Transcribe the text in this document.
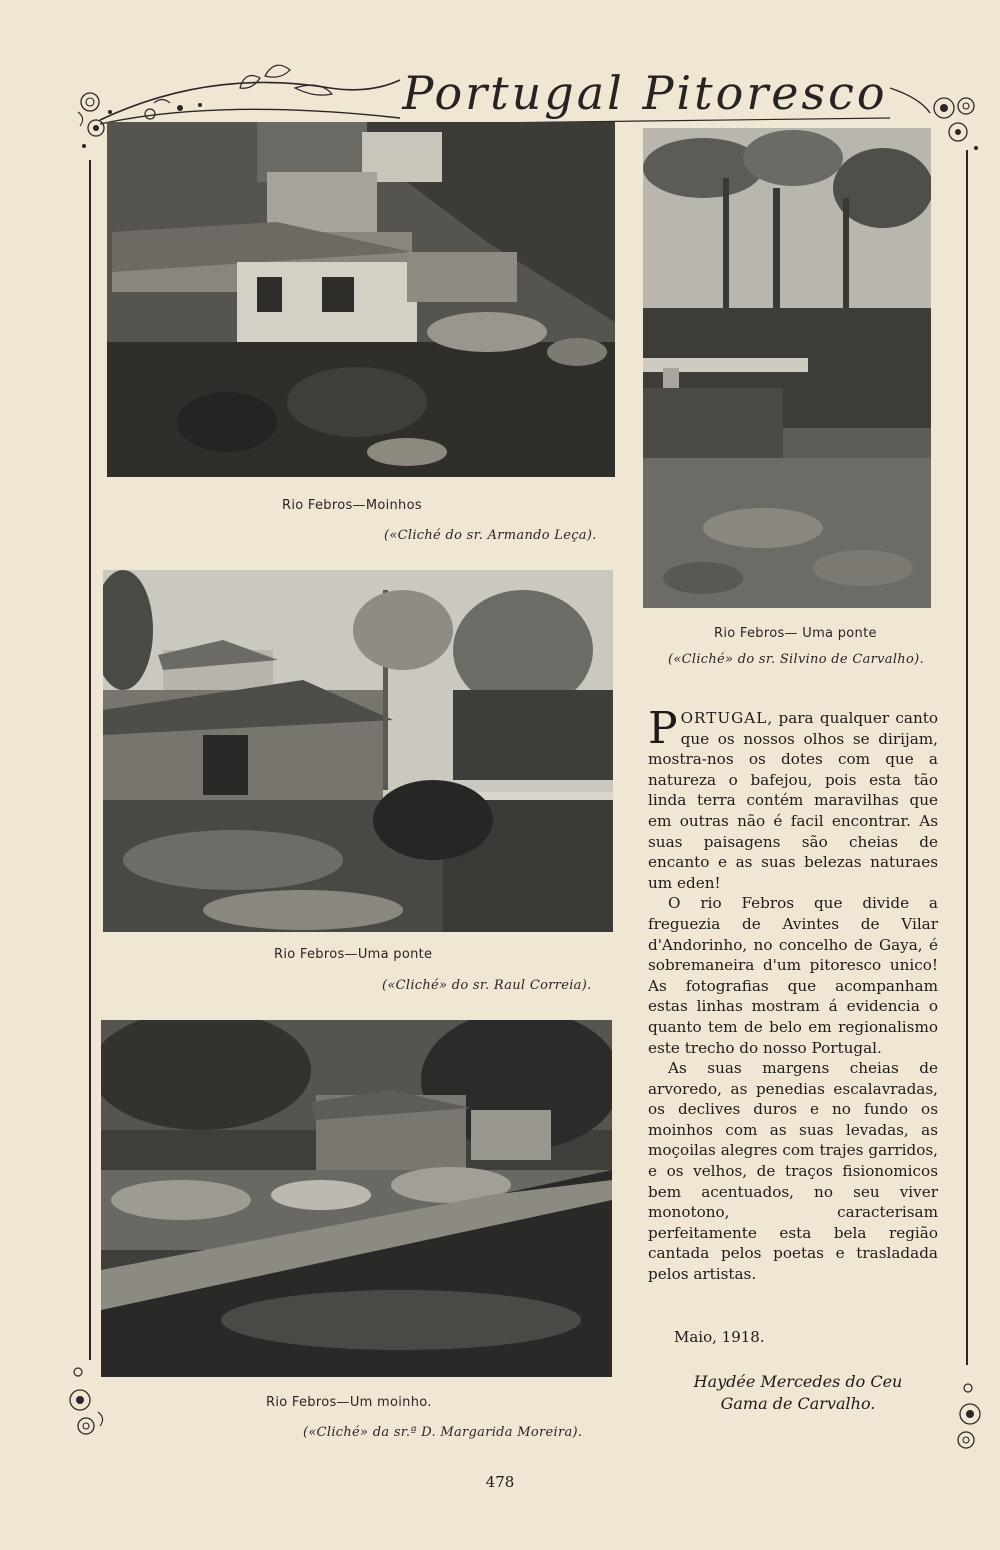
Portugal Pitoresco
Rio Febros—Moinhos
(«Cliché do sr. Armando Leça).
Rio Febros— Uma ponte
(«Cliché» do sr. Silvino de Carvalho).
Rio Febros—Uma ponte
(«Cliché» do sr. Raul Correia).
Rio Febros—Um moinho.
(«Cliché» da sr.ª D. Margarida Moreira).

PORTUGAL, para qualquer canto que os nossos olhos se dirijam, mostra-nos os dotes com que a natureza o bafejou, pois esta tão linda terra contém maravilhas que em outras não é facil encontrar. As suas paisagens são cheias de encanto e as suas belezas naturaes um eden!

O rio Febros que divide a freguezia de Avintes de Vilar d'Andorinho, no concelho de Gaya, é sobremaneira d'um pitoresco unico! As fotografias que acompanham estas linhas mostram á evidencia o quanto tem de belo em regionalismo este trecho do nosso Portugal.

As suas margens cheias de arvoredo, as penedias escalavradas, os declives duros e no fundo os moinhos com as suas levadas, as moçoilas alegres com trajes garridos, e os velhos, de traços fisionomicos bem acentuados, no seu viver monotono, caracterisam perfeitamente esta bela região cantada pelos poetas e trasladada pelos artistas.

Maio, 1918.
Haydée Mercedes do Ceu
Gama de Carvalho.
478
